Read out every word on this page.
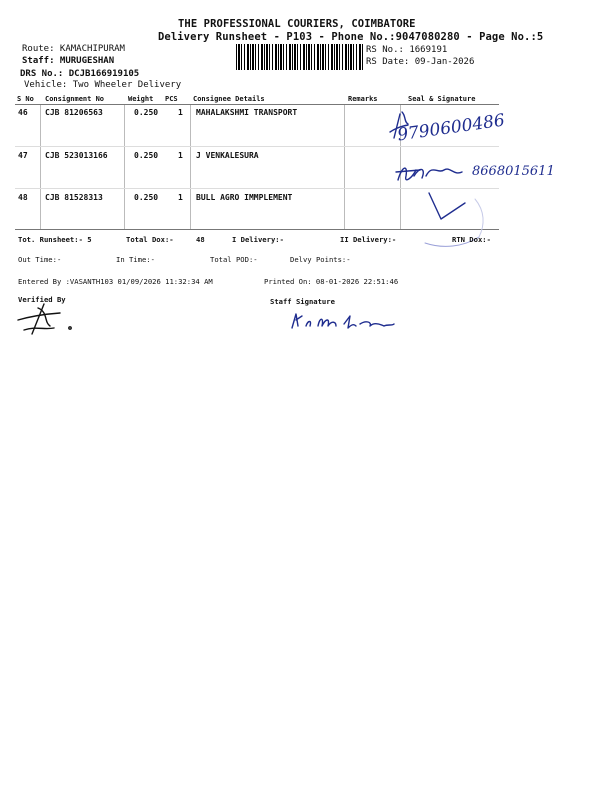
THE PROFESSIONAL COURIERS, COIMBATORE
Delivery Runsheet - P103 - Phone No.:9047080280 - Page No.:5
Route: KAMACHIPURAM
Staff: MURUGESHAN
DRS No.: DCJB166919105
Vehicle: Two Wheeler Delivery
RS No.: 1669191
RS Date: 09-Jan-2026
S No Consignment No	Weight PCS Consignee Details	Remarks	Seal & Signature
46 CJB 81206563	0.250 1 MAHALAKSHMI TRANSPORT
47 CJB 523013166	0.250 1 J VENKALESURA
48 CJB 81528313	0.250 1 BULL AGRO IMMPLEMENT
9790600486
8668015611
Tot. Runsheet:- 5	Total Dox:-	48	I Delivery:-	II Delivery:-	RTN Dox:-
Out Time:-	In Time:-	Total POD:-	Delvy Points:-
Entered By :VASANTH103 01/09/2026 11:32:34 AM	Printed On: 08-01-2026 22:51:46
Verified By	Staff Signature
